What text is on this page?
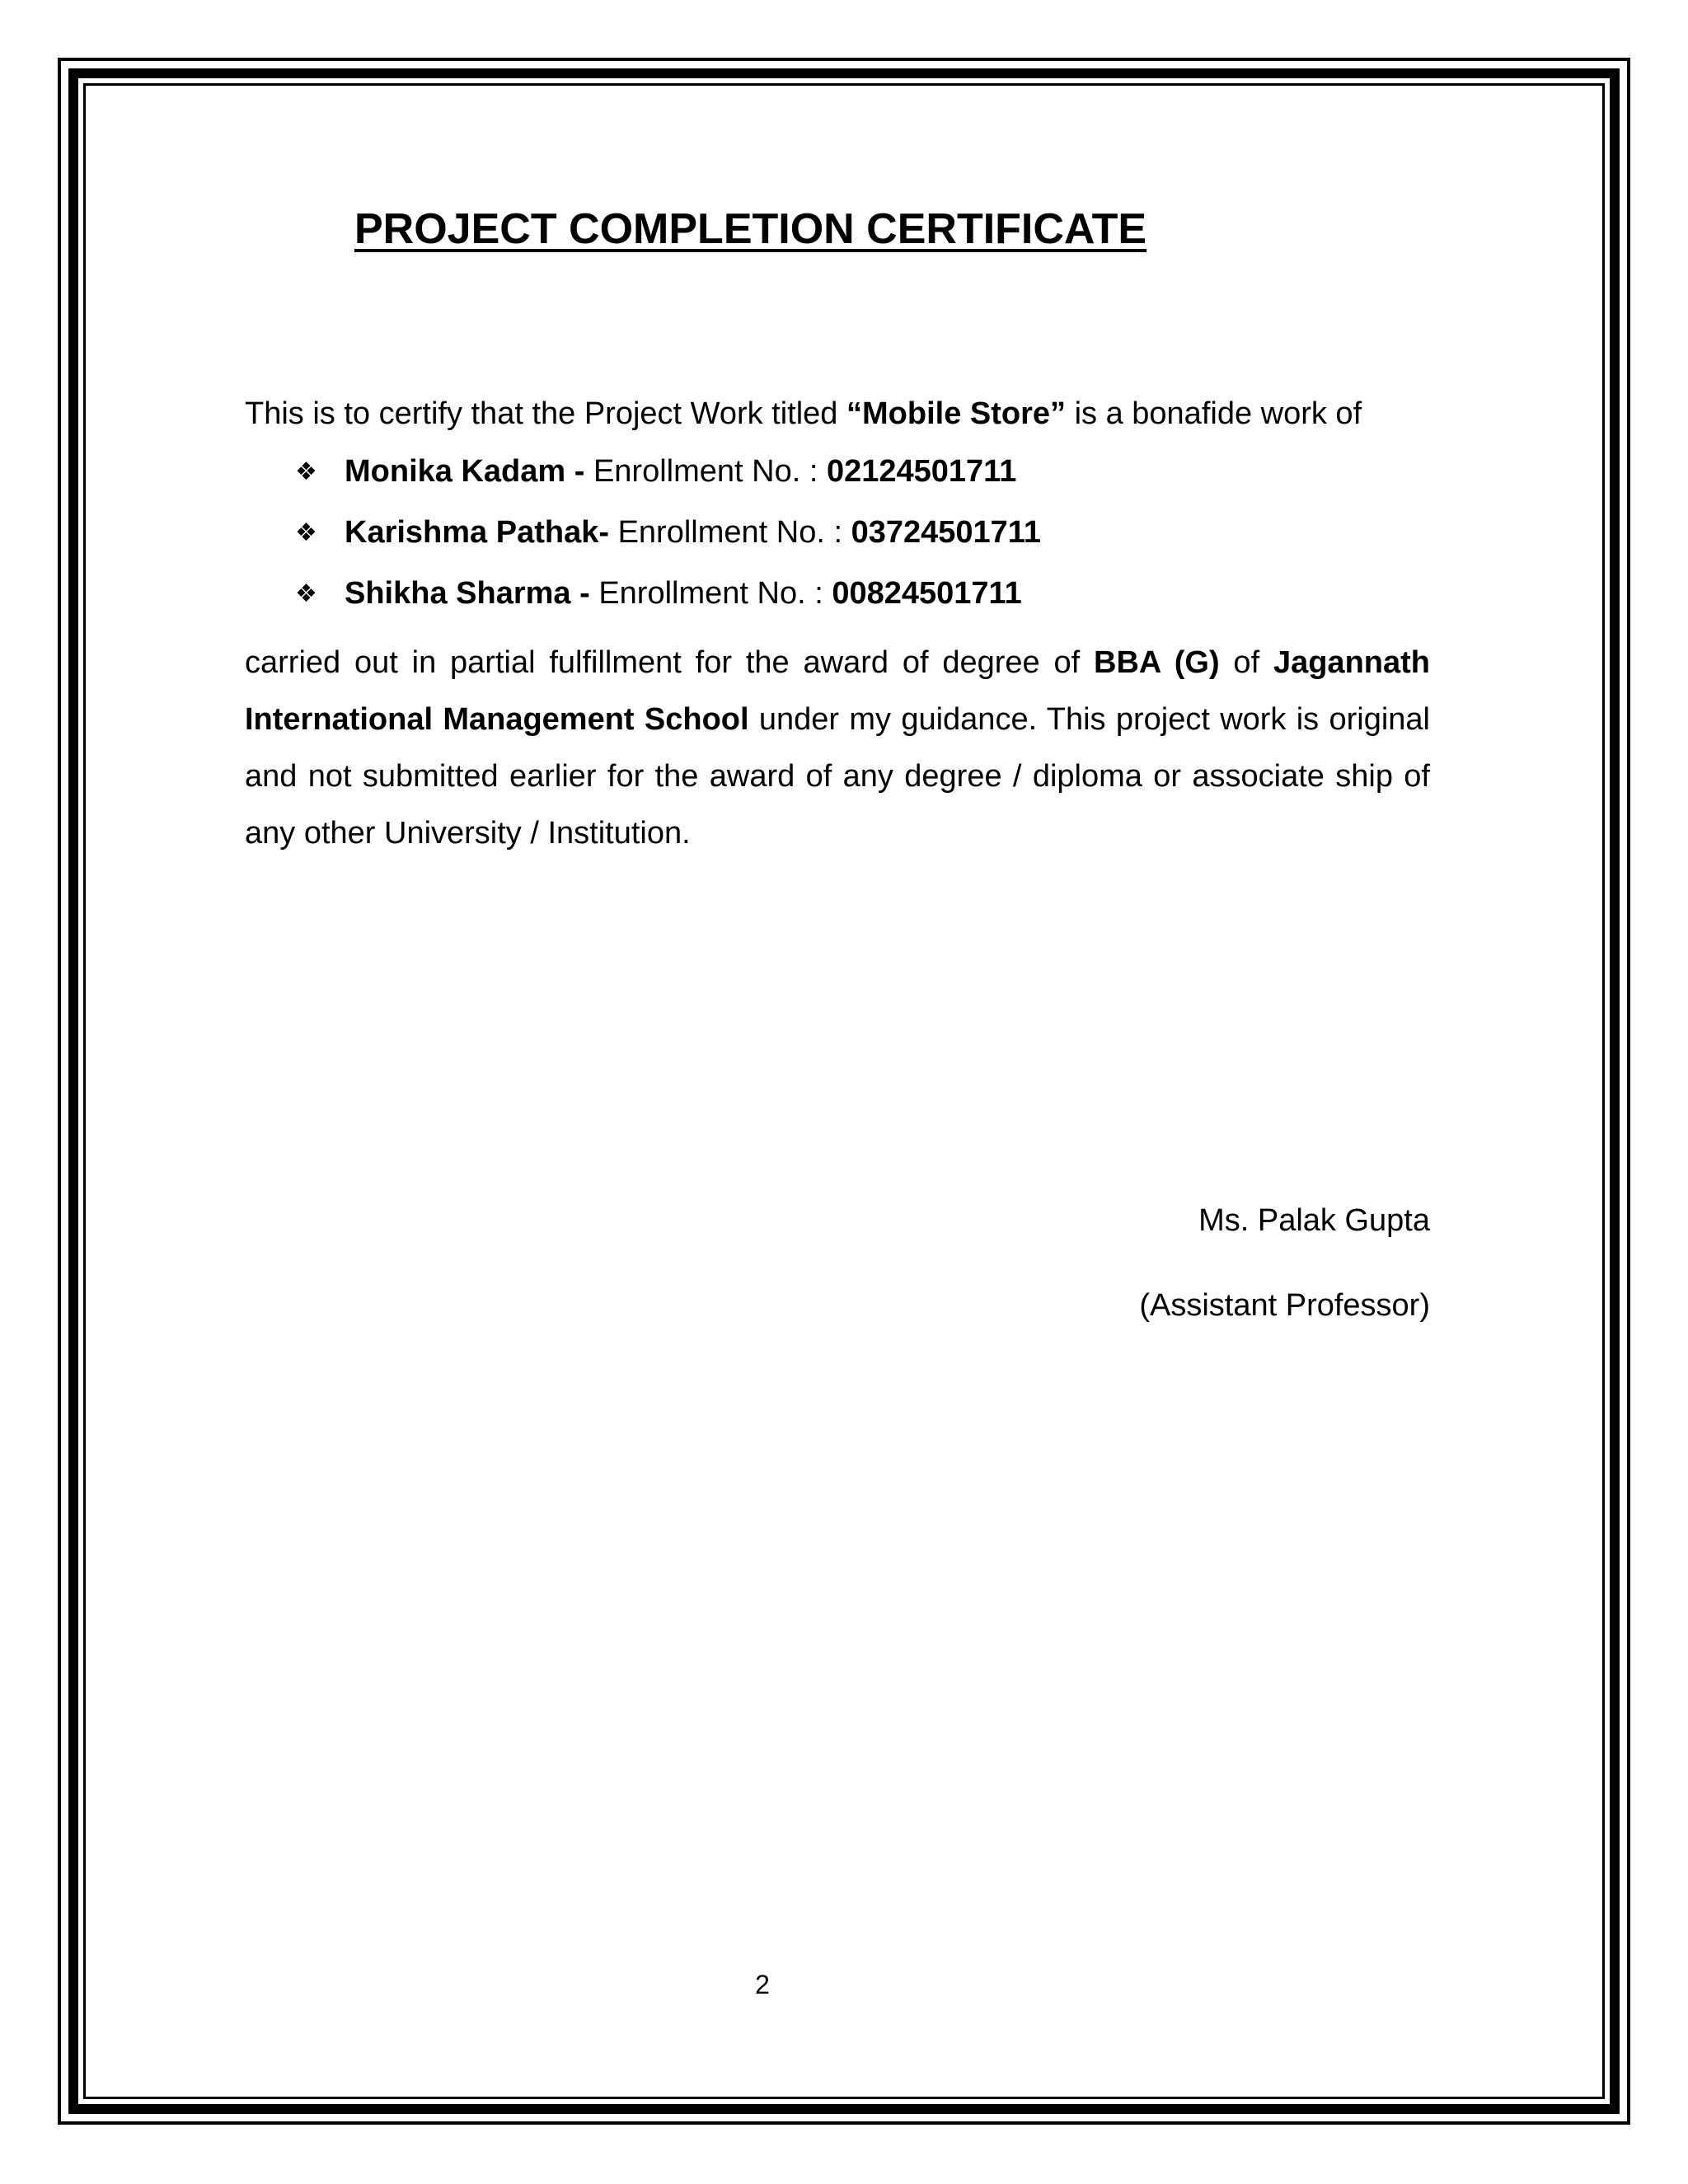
PROJECT COMPLETION CERTIFICATE

This is to certify that the Project Work titled “Mobile Store” is a bonafide work of

❖ Monika Kadam - Enrollment No. : 02124501711
❖ Karishma Pathak- Enrollment No. : 03724501711
❖ Shikha Sharma - Enrollment No. : 00824501711

carried out in partial fulfillment for the award of degree of BBA (G) of Jagannath International Management School under my guidance. This project work is original and not submitted earlier for the award of any degree / diploma or associate ship of any other University / Institution.

Ms. Palak Gupta

(Assistant Professor)

2
